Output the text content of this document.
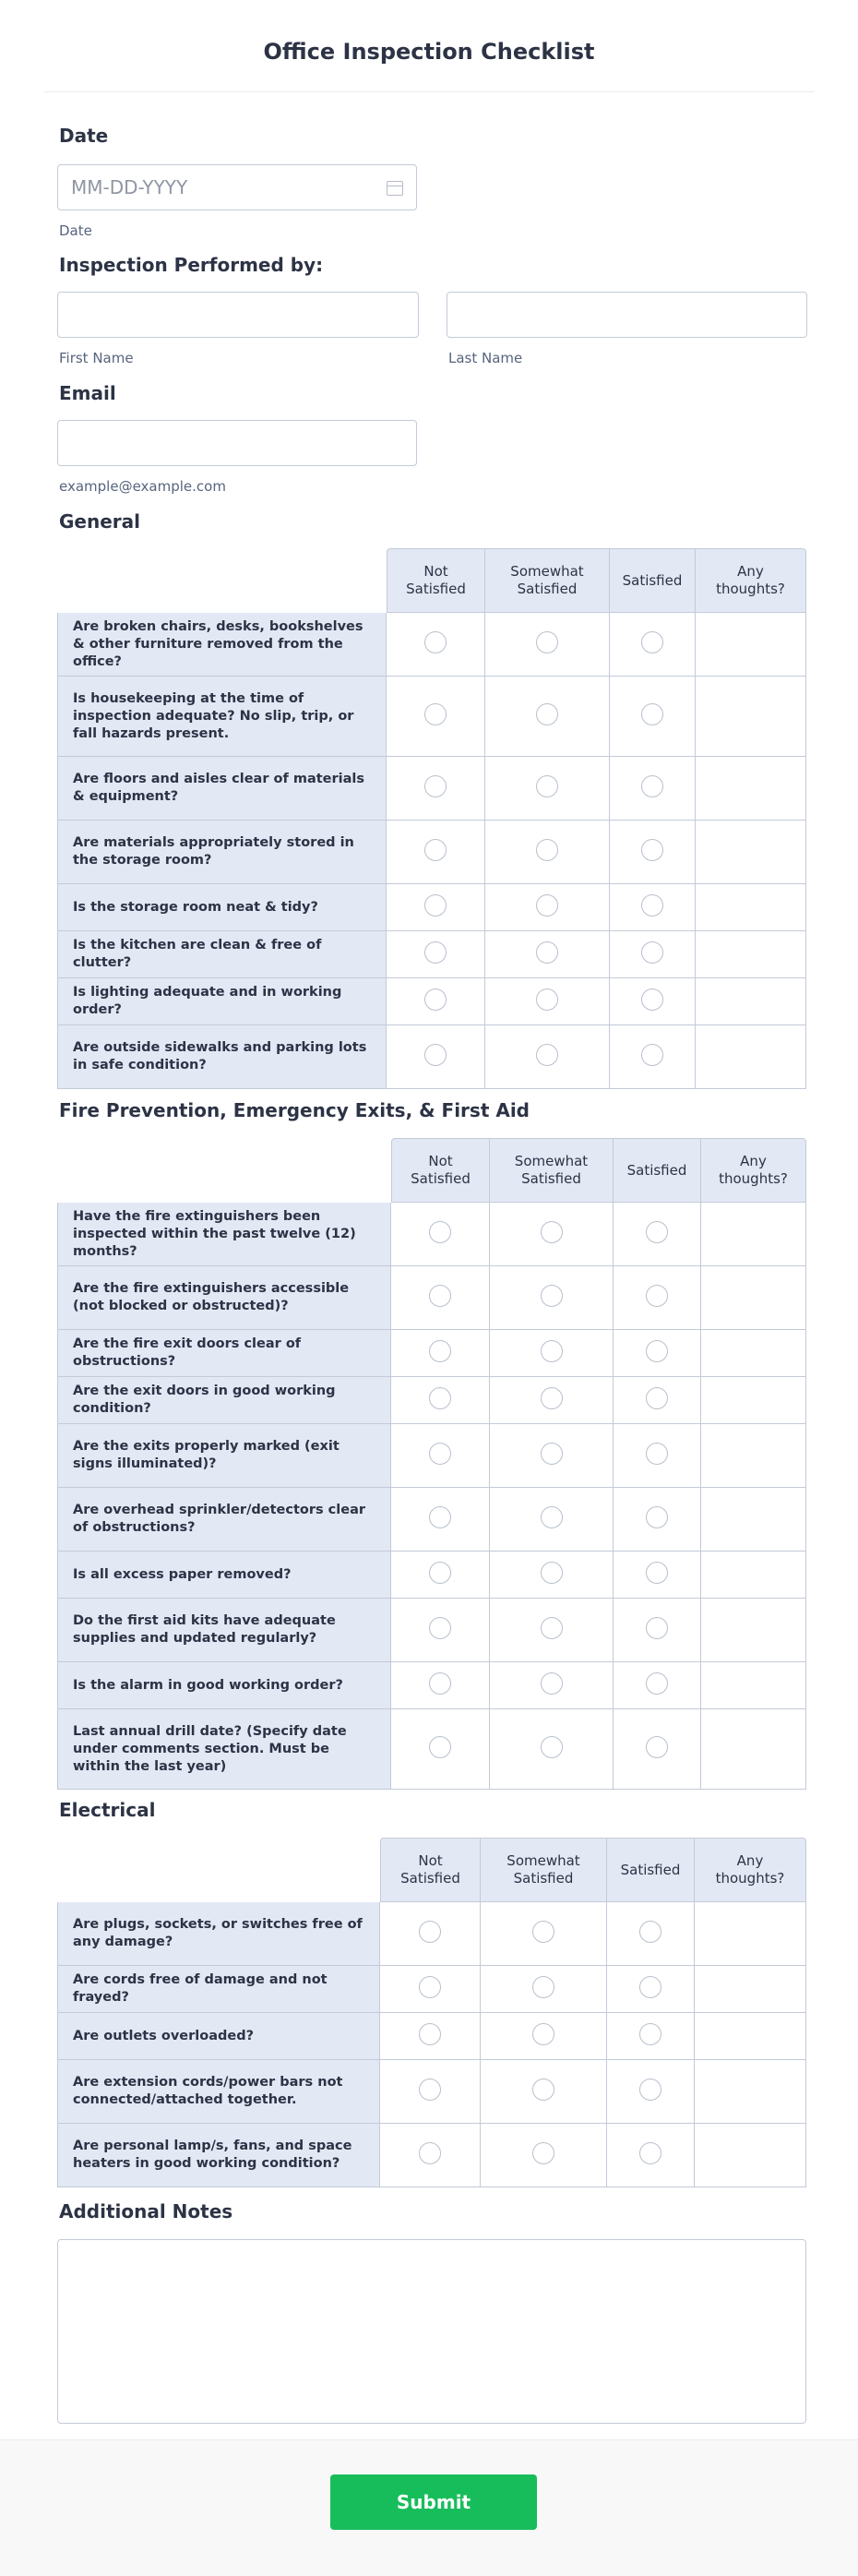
Office Inspection Checklist
Date
MM-DD-YYYY
Date
Inspection Performed by:
First Name	Last Name
Email
example@example.com
General
	Not Satisfied	Somewhat Satisfied	Satisfied	Any thoughts?
Are broken chairs, desks, bookshelves & other furniture removed from the office?				
Is housekeeping at the time of inspection adequate? No slip, trip, or fall hazards present.				
Are floors and aisles clear of materials & equipment?				
Are materials appropriately stored in the storage room?				
Is the storage room neat & tidy?				
Is the kitchen are clean & free of clutter?				
Is lighting adequate and in working order?				
Are outside sidewalks and parking lots in safe condition?				
Fire Prevention, Emergency Exits, & First Aid
	Not Satisfied	Somewhat Satisfied	Satisfied	Any thoughts?
Have the fire extinguishers been inspected within the past twelve (12) months?				
Are the fire extinguishers accessible (not blocked or obstructed)?				
Are the fire exit doors clear of obstructions?				
Are the exit doors in good working condition?				
Are the exits properly marked (exit signs illuminated)?				
Are overhead sprinkler/detectors clear of obstructions?				
Is all excess paper removed?				
Do the first aid kits have adequate supplies and updated regularly?				
Is the alarm in good working order?				
Last annual drill date? (Specify date under comments section. Must be within the last year)				
Electrical
	Not Satisfied	Somewhat Satisfied	Satisfied	Any thoughts?
Are plugs, sockets, or switches free of any damage?				
Are cords free of damage and not frayed?				
Are outlets overloaded?				
Are extension cords/power bars not connected/attached together.				
Are personal lamp/s, fans, and space heaters in good working condition?				
Additional Notes
Submit
